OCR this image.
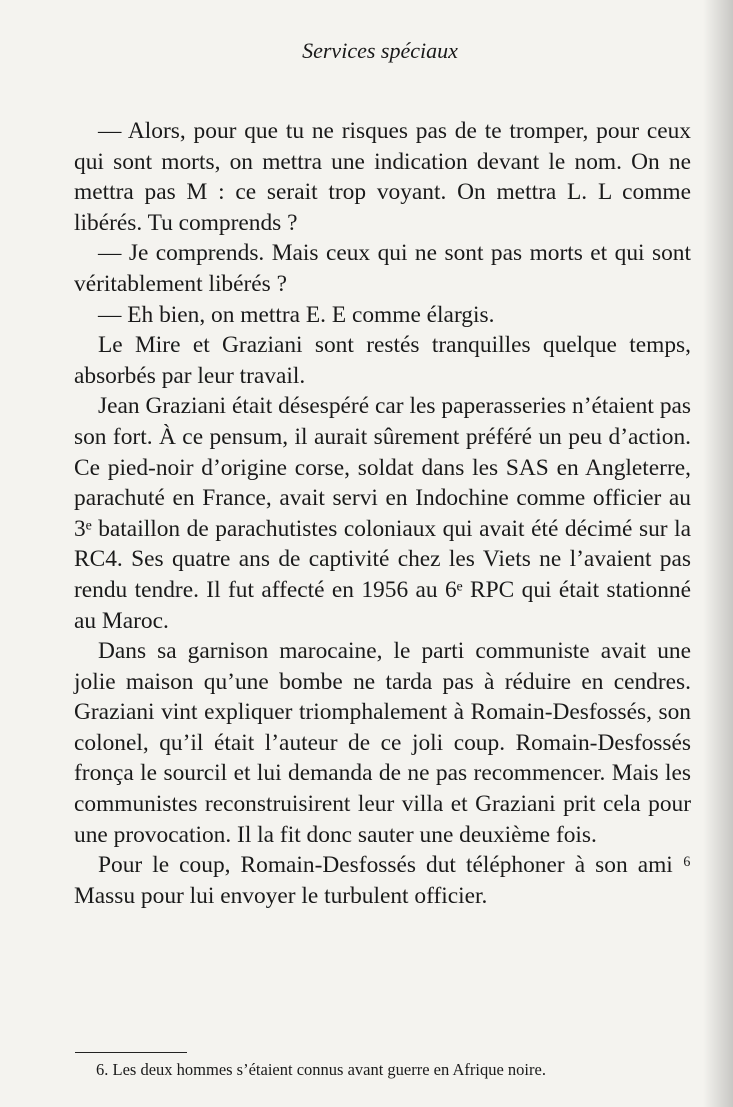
Services spéciaux

— Alors, pour que tu ne risques pas de te tromper, pour ceux qui sont morts, on mettra une indication devant le nom. On ne mettra pas M : ce serait trop voyant. On mettra L. L comme libérés. Tu comprends ?

— Je comprends. Mais ceux qui ne sont pas morts et qui sont véritablement libérés ?

— Eh bien, on mettra E. E comme élargis.

Le Mire et Graziani sont restés tranquilles quelque temps, absorbés par leur travail.

Jean Graziani était désespéré car les paperasseries n’étaient pas son fort. À ce pensum, il aurait sûrement préféré un peu d’action. Ce pied-noir d’origine corse, soldat dans les SAS en Angleterre, parachuté en France, avait servi en Indochine comme officier au 3ᵉ bataillon de parachutistes coloniaux qui avait été décimé sur la RC4. Ses quatre ans de captivité chez les Viets ne l’avaient pas rendu tendre. Il fut affecté en 1956 au 6ᵉ RPC qui était stationné au Maroc.

Dans sa garnison marocaine, le parti communiste avait une jolie maison qu’une bombe ne tarda pas à réduire en cendres. Graziani vint expliquer triomphalement à Romain-Desfossés, son colonel, qu’il était l’auteur de ce joli coup. Romain-Desfossés fronça le sourcil et lui demanda de ne pas recommencer. Mais les communistes reconstruisirent leur villa et Graziani prit cela pour une provocation. Il la fit donc sauter une deuxième fois.

Pour le coup, Romain-Desfossés dut téléphoner à son ami ⁶ Massu pour lui envoyer le turbulent officier.

6. Les deux hommes s’étaient connus avant guerre en Afrique noire.
